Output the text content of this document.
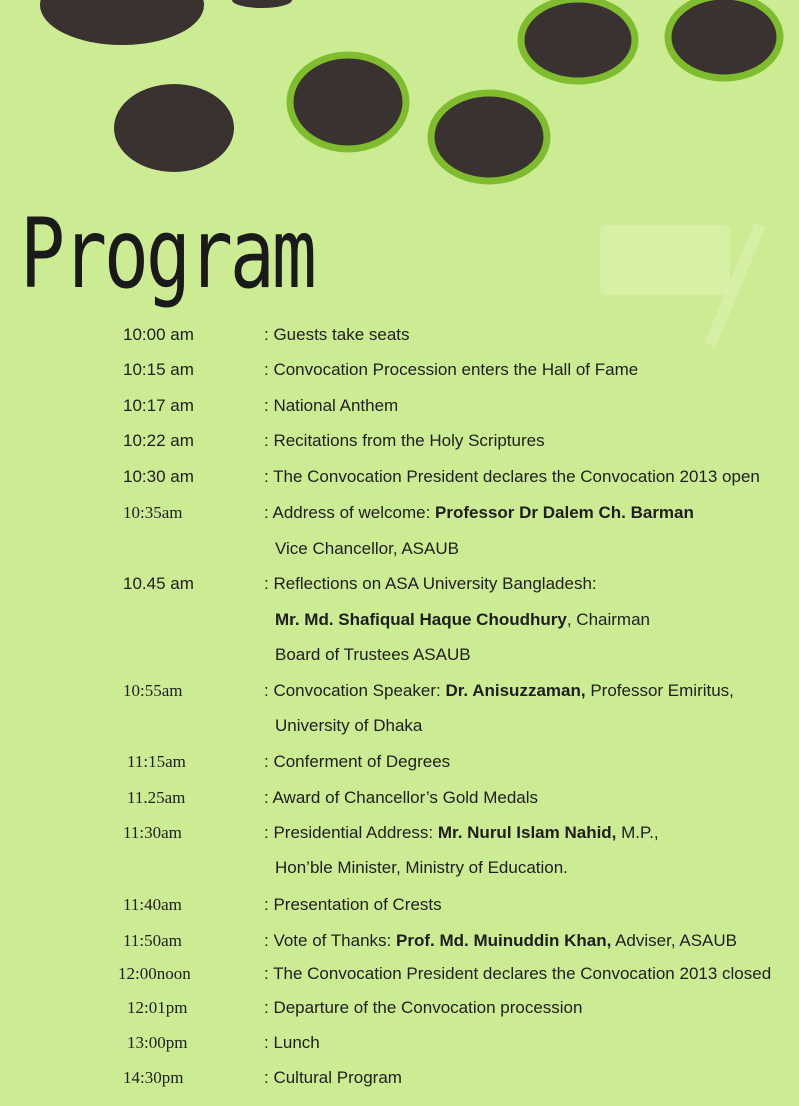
Program
10:00 am	: Guests take seats
10:15 am	: Convocation Procession enters the Hall of Fame
10:17 am	: National Anthem
10:22 am	: Recitations from the Holy Scriptures
10:30 am	: The Convocation President declares the Convocation 2013 open
10:35am	: Address of welcome: Professor Dr Dalem Ch. Barman
Vice Chancellor, ASAUB
10.45 am	: Reflections on ASA University Bangladesh:
Mr. Md. Shafiqual Haque Choudhury, Chairman
Board of Trustees ASAUB
10:55am	: Convocation Speaker: Dr. Anisuzzaman, Professor Emiritus,
University of Dhaka
11:15am	: Conferment of Degrees
11.25am	: Award of Chancellor’s Gold Medals
11:30am	: Presidential Address: Mr. Nurul Islam Nahid, M.P.,
Hon’ble Minister, Ministry of Education.
11:40am	: Presentation of Crests
11:50am	: Vote of Thanks: Prof. Md. Muinuddin Khan, Adviser, ASAUB
12:00noon	: The Convocation President declares the Convocation 2013 closed
12:01pm	: Departure of the Convocation procession
13:00pm	: Lunch
14:30pm	: Cultural Program
